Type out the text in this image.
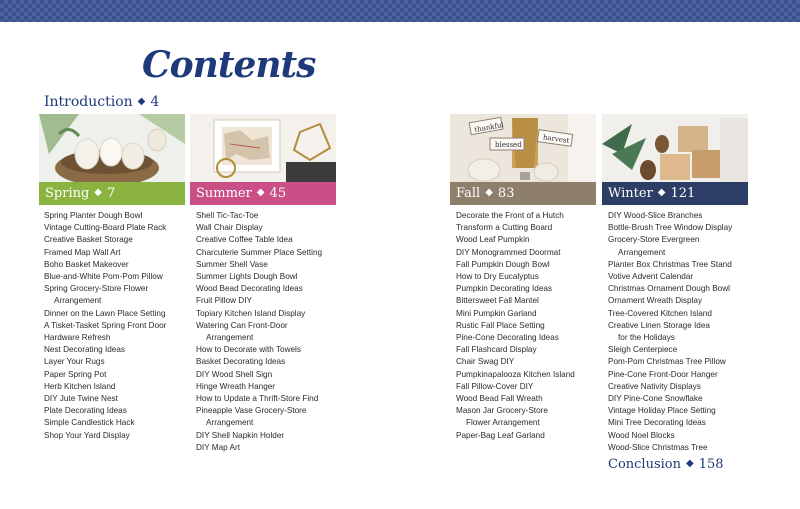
Contents
Introduction ◆ 4
thankful
blessed
harvest
Spring ◆ 7	Summer ◆ 45	Fall ◆ 83	Winter ◆ 121
Spring Planter Dough Bowl
Vintage Cutting-Board Plate Rack
Creative Basket Storage
Framed Map Wall Art
Boho Basket Makeover
Blue-and-White Pom-Pom Pillow
Spring Grocery-Store Flower
Arrangement
Dinner on the Lawn Place Setting
A Tisket-Tasket Spring Front Door
Hardware Refresh
Nest Decorating Ideas
Layer Your Rugs
Paper Spring Pot
Herb Kitchen Island
DIY Jute Twine Nest
Plate Decorating Ideas
Simple Candlestick Hack
Shop Your Yard Display
Shell Tic-Tac-Toe
Wall Chair Display
Creative Coffee Table Idea
Charcuterie Summer Place Setting
Summer Shell Vase
Summer Lights Dough Bowl
Wood Bead Decorating Ideas
Fruit Pillow DIY
Topiary Kitchen Island Display
Watering Can Front-Door
Arrangement
How to Decorate with Towels
Basket Decorating Ideas
DIY Wood Shell Sign
Hinge Wreath Hanger
How to Update a Thrift-Store Find
Pineapple Vase Grocery-Store
Arrangement
DIY Shell Napkin Holder
DIY Map Art
Decorate the Front of a Hutch
Transform a Cutting Board
Wood Leaf Pumpkin
DIY Monogrammed Doormat
Fall Pumpkin Dough Bowl
How to Dry Eucalyptus
Pumpkin Decorating Ideas
Bittersweet Fall Mantel
Mini Pumpkin Garland
Rustic Fall Place Setting
Pine-Cone Decorating Ideas
Fall Flashcard Display
Chair Swag DIY
Pumpkinapalooza Kitchen Island
Fall Pillow-Cover DIY
Wood Bead Fall Wreath
Mason Jar Grocery-Store
Flower Arrangement
Paper-Bag Leaf Garland
DIY Wood-Slice Branches
Bottle-Brush Tree Window Display
Grocery-Store Evergreen
Arrangement
Planter Box Christmas Tree Stand
Votive Advent Calendar
Christmas Ornament Dough Bowl
Ornament Wreath Display
Tree-Covered Kitchen Island
Creative Linen Storage Idea
for the Holidays
Sleigh Centerpiece
Pom-Pom Christmas Tree Pillow
Pine-Cone Front-Door Hanger
Creative Nativity Displays
DIY Pine-Cone Snowflake
Vintage Holiday Place Setting
Mini Tree Decorating Ideas
Wood Noel Blocks
Wood-Slice Christmas Tree
Conclusion ◆ 158
